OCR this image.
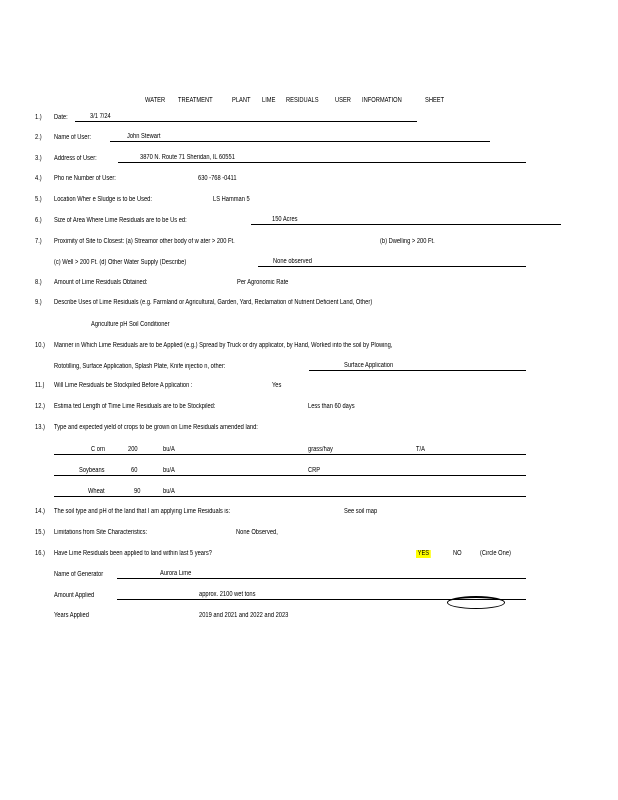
WATER TREATMENT	PLANT LIME RESIDUALS USER INFORMATION	SHEET
1.) Date:	3/1 7/24
2.) Name of User:	John Stewart
3.) Address of User:	3870 N. Route 71 Sheridan, IL 60551
4.) Pho ne Number of User:	630 -768 -0411
5.) Location Wher e Sludge is to be Used:	LS Hamman 5
6.) Size of Area Where Lime Residuals are to be Us ed:	150 Acres
7.) Proximity of Site to Closest: (a) Streamor other body of w ater > 200 Ft.	(b) Dwelling > 200 Ft.
(c) Well > 200 Ft. (d) Other Water Supply (Describe)	None observed
8.) Amount of Lime Residuals Obtained:	Per Agronomic Rate
9.) Describe Uses of Lime Residuals (e.g. Farmland or Agricultural, Garden, Yard, Reclamation of Nutrient Deficient Land, Other)
Agriculture pH Soil Conditioner
10.) Manner in Which Lime Residuals are to be Applied (e.g.) Spread by Truck or dry applicator, by Hand, Worked into the soil by Plowing,
Rototilling, Surface Application, Splash Plate, Knife injectio n, other:	Surface Application
11.) Will Lime Residuals be Stockpiled Before A pplication :	Yes
12.) Estima ted Length of Time Lime Residuals are to be Stockpiled:	Less than 60 days
13.) Type and expected yield of crops to be grown on Lime Residuals amended land:
C orn	200	bu/A	grass/hay	T/A
Soybeans	60	bu/A	CRP
Wheat	90	bu/A
14.) The soil type and pH of the land that I am applying Lime Residuals is:	See soil map
15.) Limitations from Site Characteristics:	None Observed,
16.) Have Lime Residuals been applied to land within last 5 years?	YES	NO	(Circle One)
Name of Generator	Aurora Lime
Amount Applied	approx. 2100 wet tons
Years Applied	2019 and 2021 and 2022 and 2023
